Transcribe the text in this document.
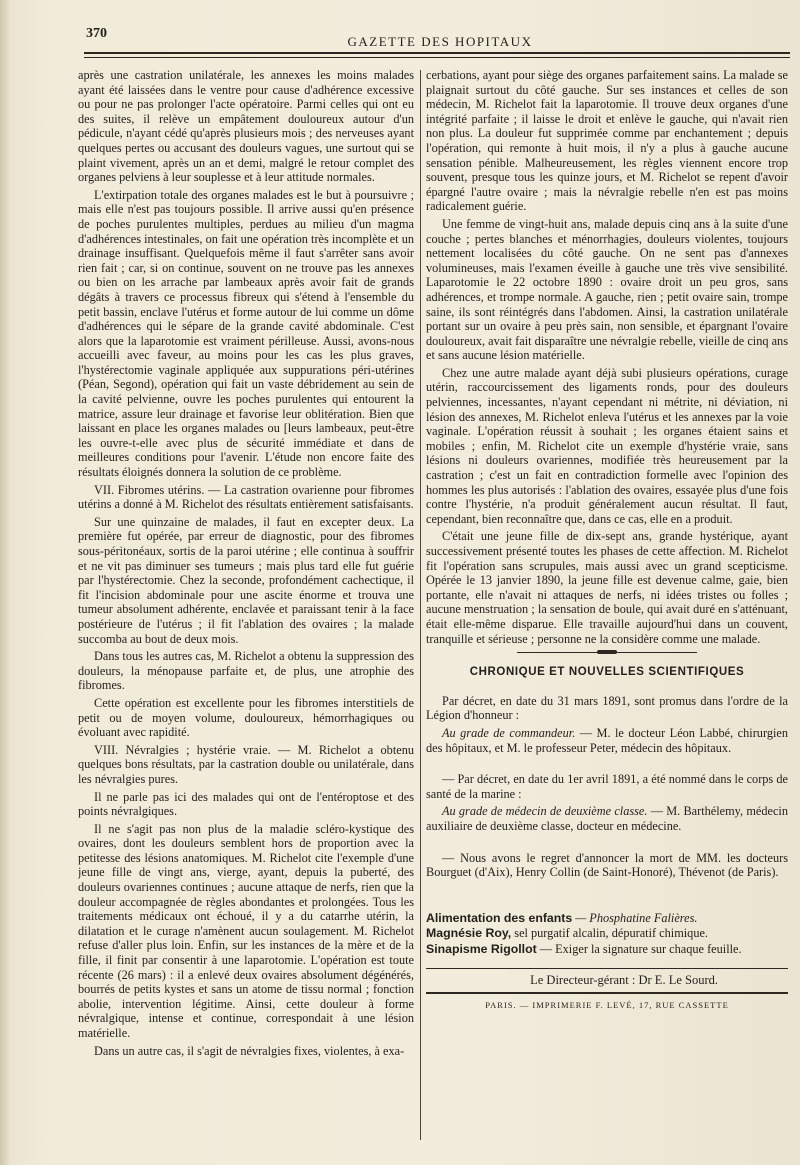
370
GAZETTE DES HOPITAUX

après une castration unilatérale, les annexes les moins malades ayant été laissées dans le ventre pour cause d'adhérence excessive ou pour ne pas prolonger l'acte opératoire. Parmi celles qui ont eu des suites, il relève un empâtement douloureux autour d'un pédicule, n'ayant cédé qu'après plusieurs mois ; des nerveuses ayant quelques pertes ou accusant des douleurs vagues, une surtout qui se plaint vivement, après un an et demi, malgré le retour complet des organes pelviens à leur souplesse et à leur attitude normales.

L'extirpation totale des organes malades est le but à poursuivre ; mais elle n'est pas toujours possible. Il arrive aussi qu'en présence de poches purulentes multiples, perdues au milieu d'un magma d'adhérences intestinales, on fait une opération très incomplète et un drainage insuffisant. Quelquefois même il faut s'arrêter sans avoir rien fait ; car, si on continue, souvent on ne trouve pas les annexes ou bien on les arrache par lambeaux après avoir fait de grands dégâts à travers ce processus fibreux qui s'étend à l'ensemble du petit bassin, enclave l'utérus et forme autour de lui comme un dôme d'adhérences qui le sépare de la grande cavité abdominale. C'est alors que la laparotomie est vraiment périlleuse. Aussi, avons-nous accueilli avec faveur, au moins pour les cas les plus graves, l'hystérectomie vaginale appliquée aux suppurations péri-utérines (Péan, Segond), opération qui fait un vaste débridement au sein de la cavité pelvienne, ouvre les poches purulentes qui entourent la matrice, assure leur drainage et favorise leur oblitération. Bien que laissant en place les organes malades ou [leurs lambeaux, peut-être les ouvre-t-elle avec plus de sécurité immédiate et dans de meilleures conditions pour l'avenir. L'étude non encore faite des résultats éloignés donnera la solution de ce problème.

VII. Fibromes utérins. — La castration ovarienne pour fibromes utérins a donné à M. Richelot des résultats entièrement satisfaisants.

Sur une quinzaine de malades, il faut en excepter deux. La première fut opérée, par erreur de diagnostic, pour des fibromes sous-péritonéaux, sortis de la paroi utérine ; elle continua à souffrir et ne vit pas diminuer ses tumeurs ; mais plus tard elle fut guérie par l'hystérectomie. Chez la seconde, profondément cachectique, il fit l'incision abdominale pour une ascite énorme et trouva une tumeur absolument adhérente, enclavée et paraissant tenir à la face postérieure de l'utérus ; il fit l'ablation des ovaires ; la malade succomba au bout de deux mois.

Dans tous les autres cas, M. Richelot a obtenu la suppression des douleurs, la ménopause parfaite et, de plus, une atrophie des fibromes.

Cette opération est excellente pour les fibromes interstitiels de petit ou de moyen volume, douloureux, hémorrhagiques ou évoluant avec rapidité.

VIII. Névralgies ; hystérie vraie. — M. Richelot a obtenu quelques bons résultats, par la castration double ou unilatérale, dans les névralgies pures.

Il ne parle pas ici des malades qui ont de l'entéroptose et des points névralgiques.

Il ne s'agit pas non plus de la maladie scléro-kystique des ovaires, dont les douleurs semblent hors de proportion avec la petitesse des lésions anatomiques. M. Richelot cite l'exemple d'une jeune fille de vingt ans, vierge, ayant, depuis la puberté, des douleurs ovariennes continues ; aucune attaque de nerfs, rien que la douleur accompagnée de règles abondantes et prolongées. Tous les traitements médicaux ont échoué, il y a du catarrhe utérin, la dilatation et le curage n'amènent aucun soulagement. M. Richelot refuse d'aller plus loin. Enfin, sur les instances de la mère et de la fille, il finit par consentir à une laparotomie. L'opération est toute récente (26 mars) : il a enlevé deux ovaires absolument dégénérés, bourrés de petits kystes et sans un atome de tissu normal ; fonction abolie, intervention légitime. Ainsi, cette douleur à forme névralgique, intense et continue, correspondait à une lésion matérielle.

Dans un autre cas, il s'agit de névralgies fixes, violentes, à exa-

cerbations, ayant pour siège des organes parfaitement sains. La malade se plaignait surtout du côté gauche. Sur ses instances et celles de son médecin, M. Richelot fait la laparotomie. Il trouve deux organes d'une intégrité parfaite ; il laisse le droit et enlève le gauche, qui n'avait rien non plus. La douleur fut supprimée comme par enchantement ; depuis l'opération, qui remonte à huit mois, il n'y a plus à gauche aucune sensation pénible. Malheureusement, les règles viennent encore trop souvent, presque tous les quinze jours, et M. Richelot se repent d'avoir épargné l'autre ovaire ; mais la névralgie rebelle n'en est pas moins radicalement guérie.

Une femme de vingt-huit ans, malade depuis cinq ans à la suite d'une couche ; pertes blanches et ménorrhagies, douleurs violentes, toujours nettement localisées du côté gauche. On ne sent pas d'annexes volumineuses, mais l'examen éveille à gauche une très vive sensibilité. Laparotomie le 22 octobre 1890 : ovaire droit un peu gros, sans adhérences, et trompe normale. A gauche, rien ; petit ovaire sain, trompe saine, ils sont réintégrés dans l'abdomen. Ainsi, la castration unilatérale portant sur un ovaire à peu près sain, non sensible, et épargnant l'ovaire douloureux, avait fait disparaître une névralgie rebelle, vieille de cinq ans et sans aucune lésion matérielle.

Chez une autre malade ayant déjà subi plusieurs opérations, curage utérin, raccourcissement des ligaments ronds, pour des douleurs pelviennes, incessantes, n'ayant cependant ni métrite, ni déviation, ni lésion des annexes, M. Richelot enleva l'utérus et les annexes par la voie vaginale. L'opération réussit à souhait ; les organes étaient sains et mobiles ; enfin, M. Richelot cite un exemple d'hystérie vraie, sans lésions ni douleurs ovariennes, modifiée très heureusement par la castration ; c'est un fait en contradiction formelle avec l'opinion des hommes les plus autorisés : l'ablation des ovaires, essayée plus d'une fois contre l'hystérie, n'a produit généralement aucun résultat. Il faut, cependant, bien reconnaître que, dans ce cas, elle en a produit.

C'était une jeune fille de dix-sept ans, grande hystérique, ayant successivement présenté toutes les phases de cette affection. M. Richelot fit l'opération sans scrupules, mais aussi avec un grand scepticisme. Opérée le 13 janvier 1890, la jeune fille est devenue calme, gaie, bien portante, elle n'avait ni attaques de nerfs, ni idées tristes ou folles ; aucune menstruation ; la sensation de boule, qui avait duré en s'atténuant, était elle-même disparue. Elle travaille aujourd'hui dans un couvent, tranquille et sérieuse ; personne ne la considère comme une malade.

CHRONIQUE ET NOUVELLES SCIENTIFIQUES

Par décret, en date du 31 mars 1891, sont promus dans l'ordre de la Légion d'honneur :

Au grade de commandeur. — M. le docteur Léon Labbé, chirurgien des hôpitaux, et M. le professeur Peter, médecin des hôpitaux.

— Par décret, en date du 1er avril 1891, a été nommé dans le corps de santé de la marine :

Au grade de médecin de deuxième classe. — M. Barthélemy, médecin auxiliaire de deuxième classe, docteur en médecine.

— Nous avons le regret d'annoncer la mort de MM. les docteurs Bourguet (d'Aix), Henry Collin (de Saint-Honoré), Thévenot (de Paris).

Alimentation des enfants — Phosphatine Falières.

Magnésie Roy, sel purgatif alcalin, dépuratif chimique.

Sinapisme Rigollot — Exiger la signature sur chaque feuille.

Le Directeur-gérant : Dr E. Le Sourd.
PARIS. — IMPRIMERIE F. LEVÉ, 17, RUE CASSETTE
